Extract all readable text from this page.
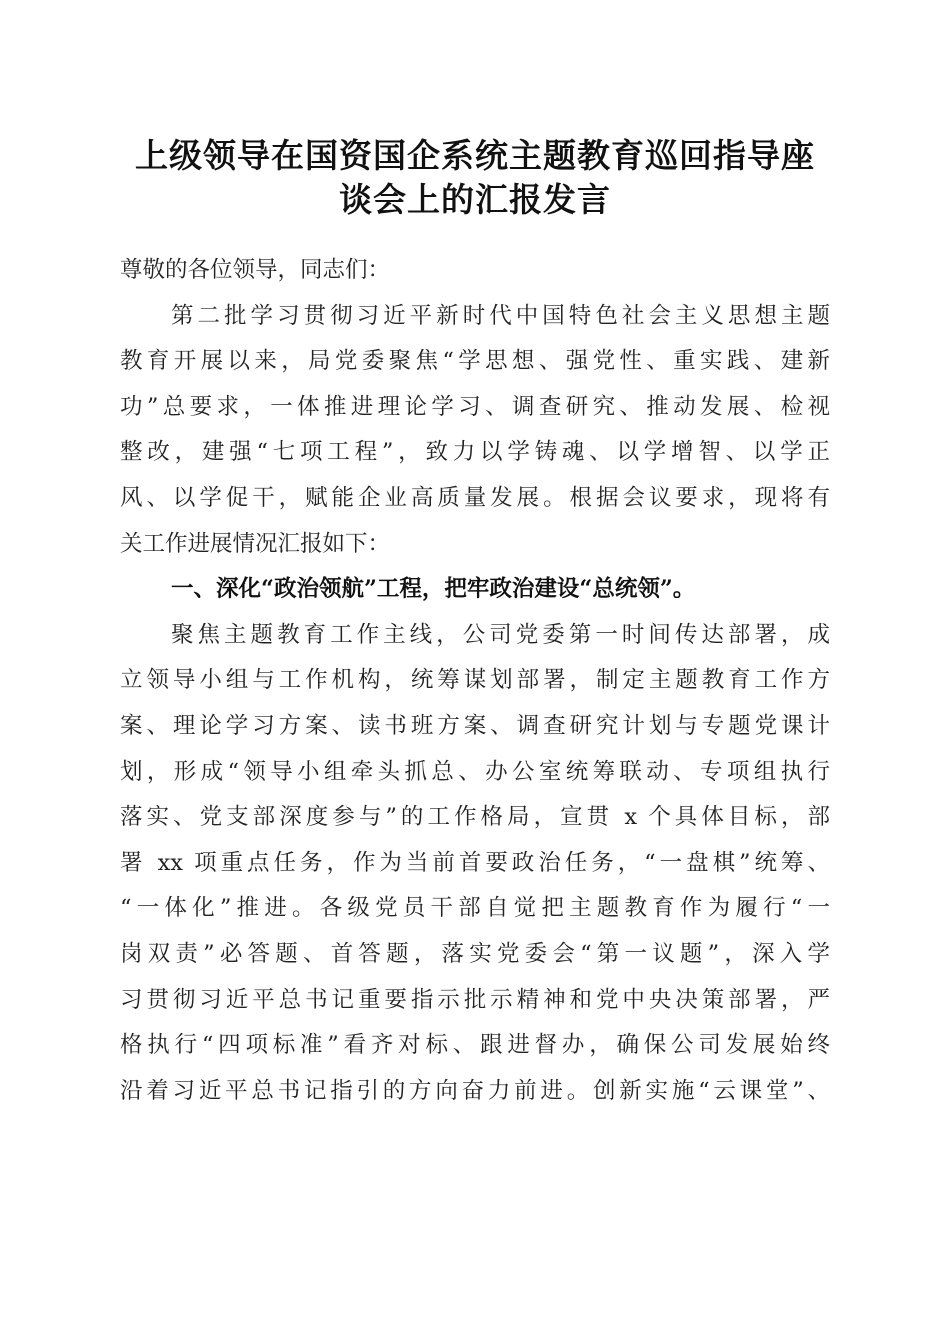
上级领导在国资国企系统主题教育巡回指导座
谈会上的汇报发言
尊敬的各位领导，同志们：
第二批学习贯彻习近平新时代中国特色社会主义思想主题
教育开展以来，局党委聚焦“学思想、强党性、重实践、建新
功”总要求，一体推进理论学习、调查研究、推动发展、检视
整改，建强“七项工程”，致力以学铸魂、以学增智、以学正
风、以学促干，赋能企业高质量发展。根据会议要求，现将有
关工作进展情况汇报如下：
一、深化“政治领航”工程，把牢政治建设“总统领”。
聚焦主题教育工作主线，公司党委第一时间传达部署，成
立领导小组与工作机构，统筹谋划部署，制定主题教育工作方
案、理论学习方案、读书班方案、调查研究计划与专题党课计
划，形成“领导小组牵头抓总、办公室统筹联动、专项组执行
落实、党支部深度参与”的工作格局，宣贯 x 个具体目标，部
署 xx 项重点任务，作为当前首要政治任务，“一盘棋”统筹、
“一体化”推进。各级党员干部自觉把主题教育作为履行“一
岗双责”必答题、首答题，落实党委会“第一议题”，深入学
习贯彻习近平总书记重要指示批示精神和党中央决策部署，严
格执行“四项标准”看齐对标、跟进督办，确保公司发展始终
沿着习近平总书记指引的方向奋力前进。创新实施“云课堂”、
